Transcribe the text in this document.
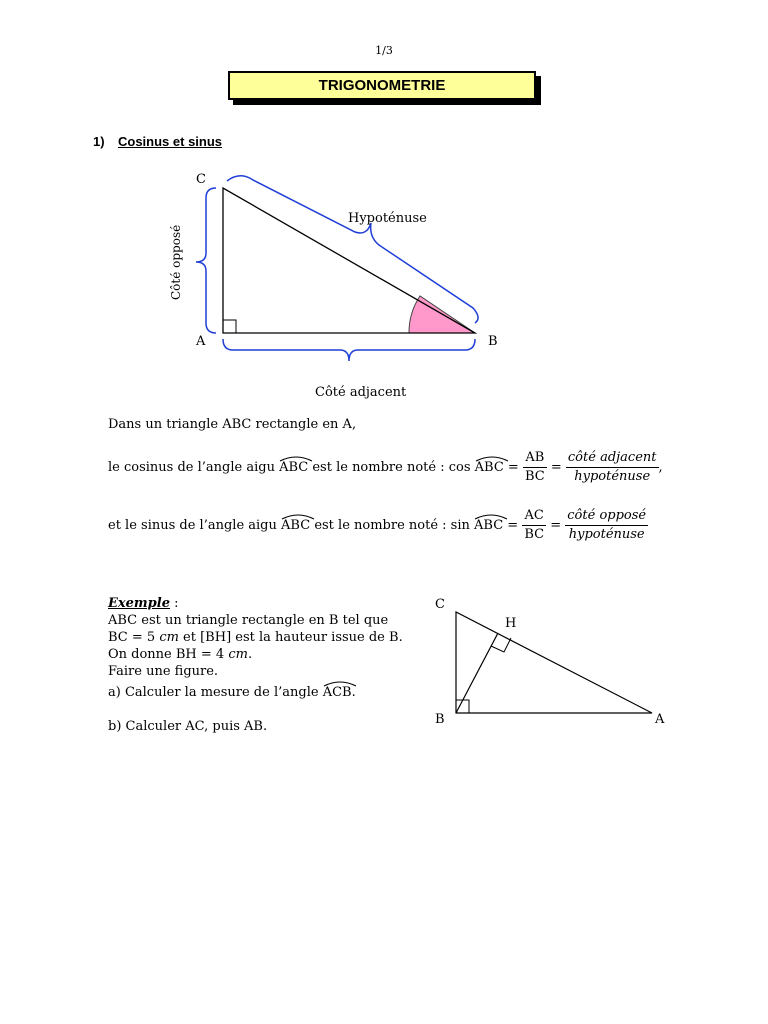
1/3
TRIGONOMETRIE
1) Cosinus et sinus
C
A	B
Hypoténuse
Côté adjacent
Côté opposé
Dans un triangle ABC rectangle en A,
le cosinus de l’angle aigu ABC est le nombre noté : cos ABC = $\frac{AB}{BC} = \frac{\text{côté adjacent}}{\text{hypoténuse}}$ ,
et le sinus de l’angle aigu ABC est le nombre noté : sin ABC = $\frac{AC}{BC} = \frac{\text{côté opposé}}{\text{hypoténuse}}$
Exemple :
ABC est un triangle rectangle en B tel que
BC = 5 cm et [BH] est la hauteur issue de B.
On donne BH = 4 cm.
Faire une figure.
a) Calculer la mesure de l’angle ACB.
b) Calculer AC, puis AB.
C
H
B	A
